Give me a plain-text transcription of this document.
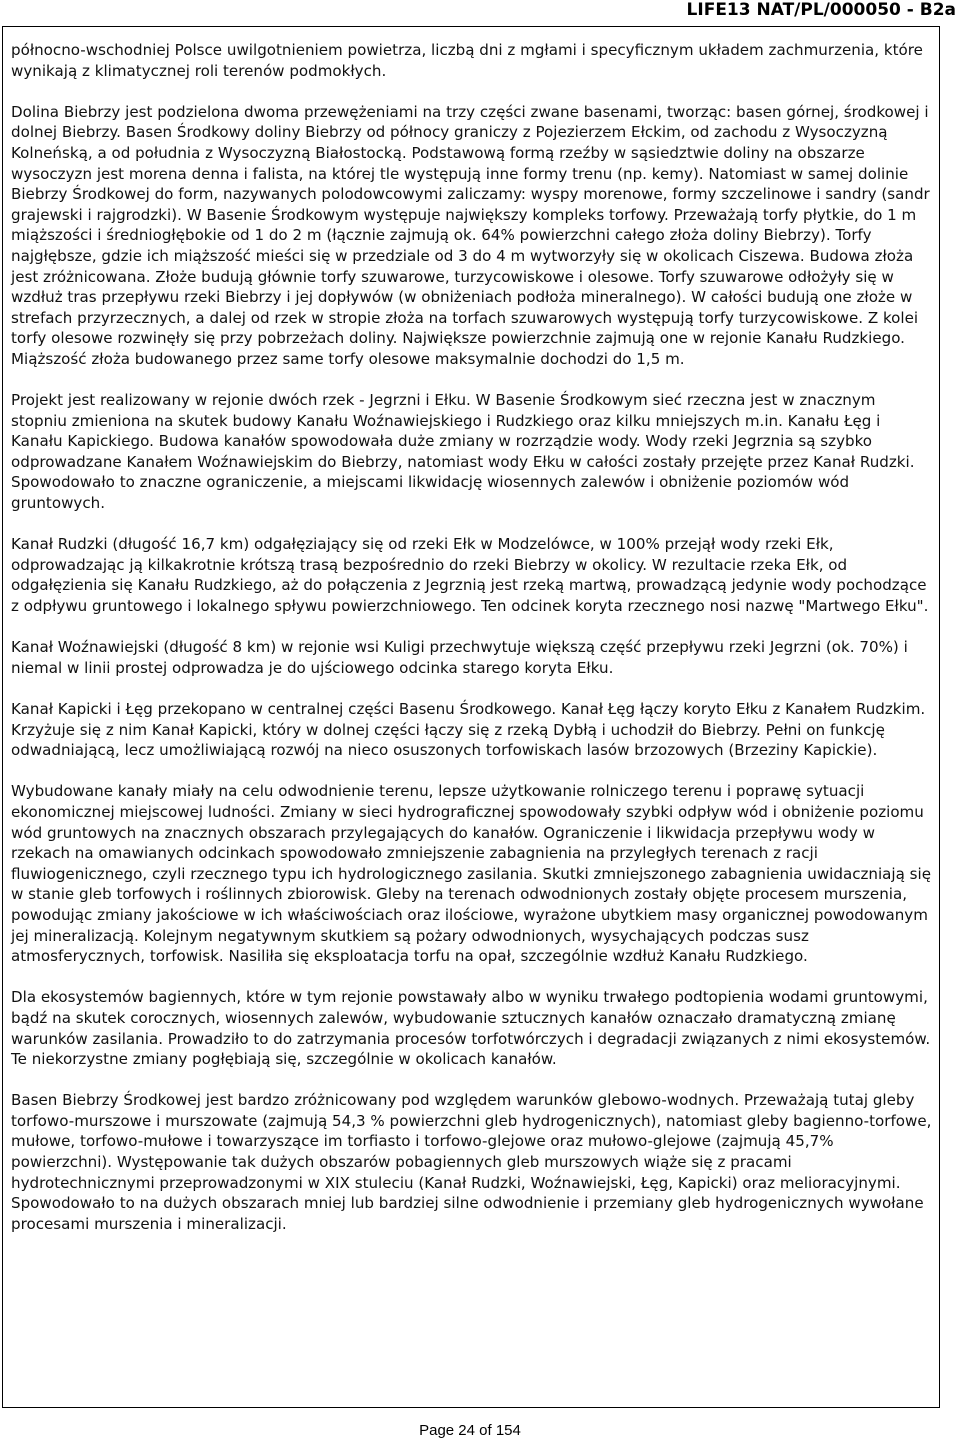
LIFE13 NAT/PL/000050 - B2a

północno-wschodniej Polsce uwilgotnieniem powietrza, liczbą dni z mgłami i specyficznym układem zachmurzenia, które wynikają z klimatycznej roli terenów podmokłych.

Dolina Biebrzy jest podzielona dwoma przewężeniami na trzy części zwane basenami, tworząc: basen górnej, środkowej i dolnej Biebrzy. Basen Środkowy doliny Biebrzy od północy graniczy z Pojezierzem Ełckim, od zachodu z Wysoczyzną Kolneńską, a od południa z Wysoczyzną Białostocką. Podstawową formą rzeźby w sąsiedztwie doliny na obszarze wysoczyzn jest morena denna i falista, na której tle występują inne formy trenu (np. kemy). Natomiast w samej dolinie Biebrzy Środkowej do form, nazywanych polodowcowymi zaliczamy: wyspy morenowe, formy szczelinowe i sandry (sandr grajewski i rajgrodzki). W Basenie Środkowym występuje największy kompleks torfowy. Przeważają torfy płytkie, do 1 m miąższości i średniogłębokie od 1 do 2 m (łącznie zajmują ok. 64% powierzchni całego złoża doliny Biebrzy). Torfy najgłębsze, gdzie ich miąższość mieści się w przedziale od 3 do 4 m wytworzyły się w okolicach Ciszewa. Budowa złoża jest zróżnicowana. Złoże budują głównie torfy szuwarowe, turzycowiskowe i olesowe. Torfy szuwarowe odłożyły się w wzdłuż tras przepływu rzeki Biebrzy i jej dopływów (w obniżeniach podłoża mineralnego). W całości budują one złoże w strefach przyrzecznych, a dalej od rzek w stropie złoża na torfach szuwarowych występują torfy turzycowiskowe. Z kolei torfy olesowe rozwinęły się przy pobrzeżach doliny. Największe powierzchnie zajmują one w rejonie Kanału Rudzkiego. Miąższość złoża budowanego przez same torfy olesowe maksymalnie dochodzi do 1,5 m.

Projekt jest realizowany w rejonie dwóch rzek - Jegrzni i Ełku. W Basenie Środkowym sieć rzeczna jest w znacznym stopniu zmieniona na skutek budowy Kanału Woźnawiejskiego i Rudzkiego oraz kilku mniejszych m.in. Kanału Łęg i Kanału Kapickiego. Budowa kanałów spowodowała duże zmiany w rozrządzie wody. Wody rzeki Jegrznia są szybko odprowadzane Kanałem Woźnawiejskim do Biebrzy, natomiast wody Ełku w całości zostały przejęte przez Kanał Rudzki. Spowodowało to znaczne ograniczenie, a miejscami likwidację wiosennych zalewów i obniżenie poziomów wód gruntowych.

Kanał Rudzki (długość 16,7 km) odgałęziający się od rzeki Ełk w Modzelówce, w 100% przejął wody rzeki Ełk, odprowadzając ją kilkakrotnie krótszą trasą bezpośrednio do rzeki Biebrzy w okolicy. W rezultacie rzeka Ełk, od odgałęzienia się Kanału Rudzkiego, aż do połączenia z Jegrznią jest rzeką martwą, prowadzącą jedynie wody pochodzące z odpływu gruntowego i lokalnego spływu powierzchniowego. Ten odcinek koryta rzecznego nosi nazwę "Martwego Ełku".

Kanał Woźnawiejski (długość 8 km) w rejonie wsi Kuligi przechwytuje większą część przepływu rzeki Jegrzni (ok. 70%) i niemal w linii prostej odprowadza je do ujściowego odcinka starego koryta Ełku.

Kanał Kapicki i Łęg przekopano w centralnej części Basenu Środkowego. Kanał Łęg łączy koryto Ełku z Kanałem Rudzkim. Krzyżuje się z nim Kanał Kapicki, który w dolnej części łączy się z rzeką Dybłą i uchodził do Biebrzy. Pełni on funkcję odwadniającą, lecz umożliwiającą rozwój na nieco osuszonych torfowiskach lasów brzozowych (Brzeziny Kapickie).

Wybudowane kanały miały na celu odwodnienie terenu, lepsze użytkowanie rolniczego terenu i poprawę sytuacji ekonomicznej miejscowej ludności. Zmiany w sieci hydrograficznej spowodowały szybki odpływ wód i obniżenie poziomu wód gruntowych na znacznych obszarach przylegających do kanałów. Ograniczenie i likwidacja przepływu wody w rzekach na omawianych odcinkach spowodowało zmniejszenie zabagnienia na przyległych terenach z racji fluwiogenicznego, czyli rzecznego typu ich hydrologicznego zasilania. Skutki zmniejszonego zabagnienia uwidaczniają się w stanie gleb torfowych i roślinnych zbiorowisk. Gleby na terenach odwodnionych zostały objęte procesem murszenia, powodując zmiany jakościowe w ich właściwościach oraz ilościowe, wyrażone ubytkiem masy organicznej powodowanym jej mineralizacją. Kolejnym negatywnym skutkiem są pożary odwodnionych, wysychających podczas susz atmosferycznych, torfowisk. Nasiliła się eksploatacja torfu na opał, szczególnie wzdłuż Kanału Rudzkiego.

Dla ekosystemów bagiennych, które w tym rejonie powstawały albo w wyniku trwałego podtopienia wodami gruntowymi, bądź na skutek corocznych, wiosennych zalewów, wybudowanie sztucznych kanałów oznaczało dramatyczną zmianę warunków zasilania. Prowadziło to do zatrzymania procesów torfotwórczych i degradacji związanych z nimi ekosystemów. Te niekorzystne zmiany pogłębiają się, szczególnie w okolicach kanałów.

Basen Biebrzy Środkowej jest bardzo zróżnicowany pod względem warunków glebowo-wodnych. Przeważają tutaj gleby torfowo-murszowe i murszowate (zajmują 54,3 % powierzchni gleb hydrogenicznych), natomiast gleby bagienno-torfowe, mułowe, torfowo-mułowe i towarzyszące im torfiasto i torfowo-glejowe oraz mułowo-glejowe (zajmują 45,7% powierzchni). Występowanie tak dużych obszarów pobagiennych gleb murszowych wiąże się z pracami hydrotechnicznymi przeprowadzonymi w XIX stuleciu (Kanał Rudzki, Woźnawiejski, Łęg, Kapicki) oraz melioracyjnymi. Spowodowało to na dużych obszarach mniej lub bardziej silne odwodnienie i przemiany gleb hydrogenicznych wywołane procesami murszenia i mineralizacji.

Page 24 of 154
